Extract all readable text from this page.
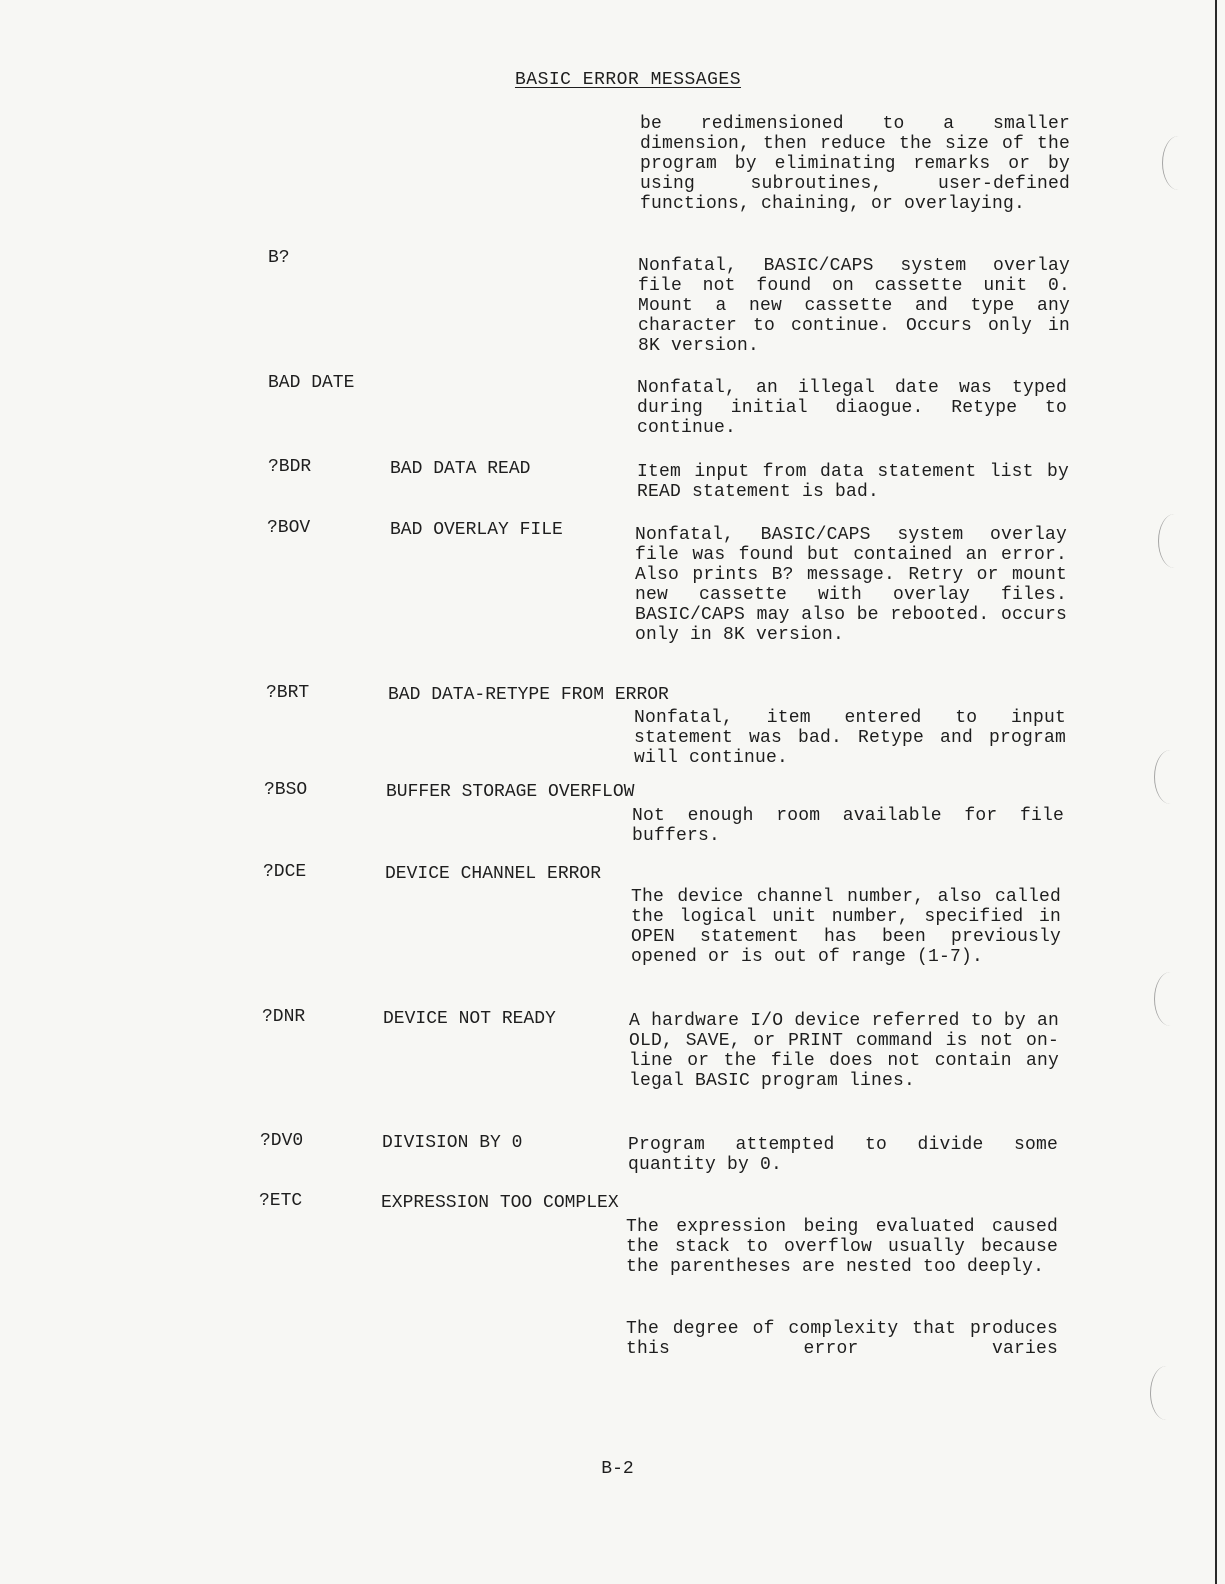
BASIC ERROR MESSAGES
be redimensioned to a smaller dimension, then reduce the size of the program by eliminating remarks or by using subroutines, user-defined functions, chaining, or overlaying.
B?	Nonfatal, BASIC/CAPS system overlay file not found on cassette unit 0. Mount a new cassette and type any character to continue. Occurs only in 8K version.
BAD DATE	Nonfatal, an illegal date was typed during initial diaogue. Retype to continue.
?BDR	BAD DATA READ	Item input from data statement list by READ statement is bad.
?BOV	BAD OVERLAY FILE	Nonfatal, BASIC/CAPS system overlay file was found but contained an error. Also prints B? message. Retry or mount new cassette with overlay files. BASIC/CAPS may also be rebooted. occurs only in 8K version.
?BRT	BAD DATA-RETYPE FROM ERROR
Nonfatal, item entered to input statement was bad. Retype and program will continue.
?BSO	BUFFER STORAGE OVERFLOW
Not enough room available for file buffers.
?DCE	DEVICE CHANNEL ERROR
The device channel number, also called the logical unit number, specified in OPEN statement has been previously opened or is out of range (1-7).
?DNR	DEVICE NOT READY	A hardware I/O device referred to by an OLD, SAVE, or PRINT command is not on-line or the file does not contain any legal BASIC program lines.
?DV0	DIVISION BY 0	Program attempted to divide some quantity by 0.
?ETC	EXPRESSION TOO COMPLEX
The expression being evaluated caused the stack to overflow usually because the parentheses are nested too deeply.
The degree of complexity that produces this error varies
B-2
